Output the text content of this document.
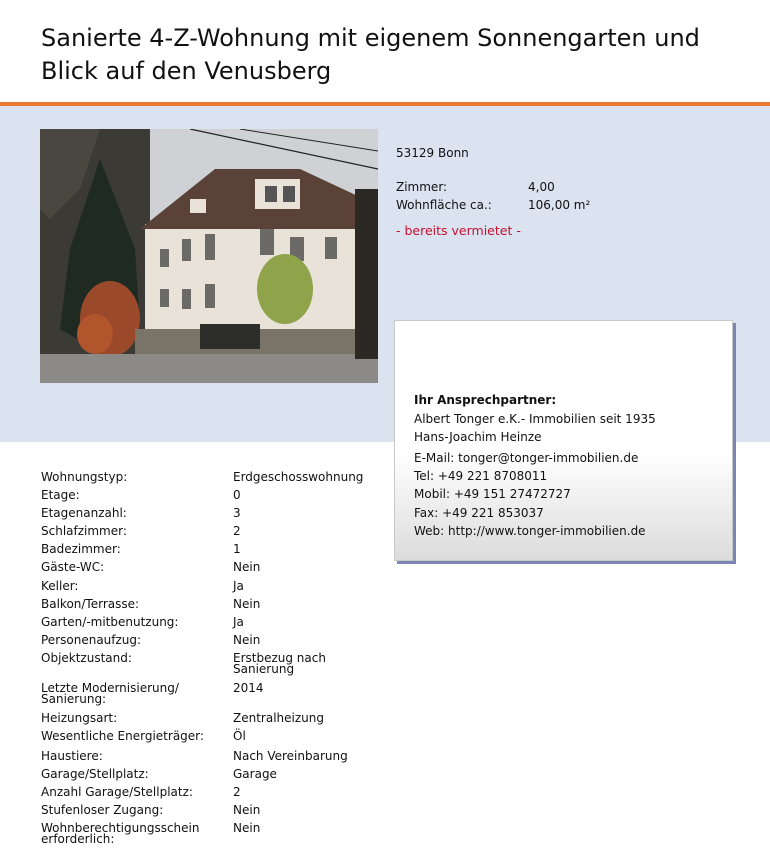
Sanierte 4-Z-Wohnung mit eigenem Sonnengarten und Blick auf den Venusberg
53129 Bonn
Zimmer:	4,00
Wohnfläche ca.:	106,00 m²
- bereits vermietet -
Ihr Ansprechpartner:
Albert Tonger e.K.- Immobilien seit 1935
Hans-Joachim Heinze
E-Mail: tonger@tonger-immobilien.de
Tel: +49 221 8708011
Mobil: +49 151 27472727
Fax: +49 221 853037
Web: http://www.tonger-immobilien.de
Wohnungstyp:	Erdgeschosswohnung
Etage:	0
Etagenanzahl:	3
Schlafzimmer:	2
Badezimmer:	1
Gäste-WC:	Nein
Keller:	Ja
Balkon/Terrasse:	Nein
Garten/-mitbenutzung:	Ja
Personenaufzug:	Nein
Objektzustand:	Erstbezug nach Sanierung
Letzte Modernisierung/ Sanierung:
2014
Heizungsart:	Zentralheizung
Wesentliche Energieträger:	Öl
Haustiere:	Nach Vereinbarung
Garage/Stellplatz:	Garage
Anzahl Garage/Stellplatz:	2
Stufenloser Zugang:	Nein
Wohnberechtigungsschein erforderlich:
Nein
